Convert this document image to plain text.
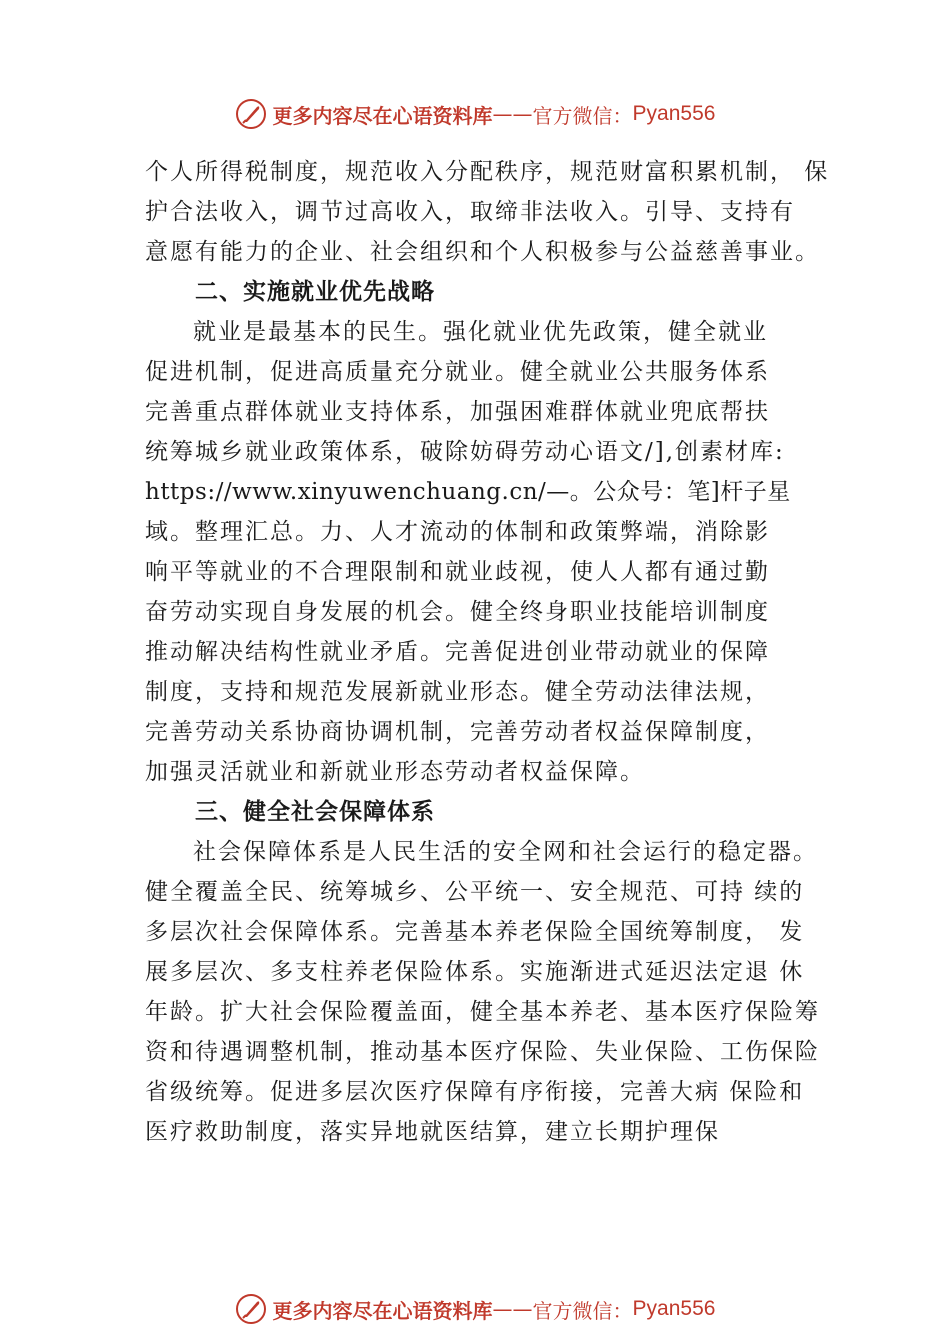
更多内容尽在心语资料库 —— 官方微信： Pyan556
个人所得税制度，规范收入分配秩序，规范财富积累机制， 保
护合法收入，调节过高收入，取缔非法收入。引导、支持有
意愿有能力的企业、社会组织和个人积极参与公益慈善事业。
二、实施就业优先战略
就业是最基本的民生。强化就业优先政策，健全就业
促进机制，促进高质量充分就业。健全就业公共服务体系
完善重点群体就业支持体系，加强困难群体就业兜底帮扶
统筹城乡就业政策体系，破除妨碍劳动心语文/],创素材库:
https://www.xinyuwenchuang.cn/—。公众号：笔]杆子星
域。整理汇总。力、人才流动的体制和政策弊端，消除影
响平等就业的不合理限制和就业歧视，使人人都有通过勤
奋劳动实现自身发展的机会。健全终身职业技能培训制度
推动解决结构性就业矛盾。完善促进创业带动就业的保障
制度，支持和规范发展新就业形态。健全劳动法律法规，
完善劳动关系协商协调机制，完善劳动者权益保障制度，
加强灵活就业和新就业形态劳动者权益保障。
三、健全社会保障体系
社会保障体系是人民生活的安全网和社会运行的稳定器。
健全覆盖全民、统筹城乡、公平统一、安全规范、可持 续的
多层次社会保障体系。完善基本养老保险全国统筹制度， 发
展多层次、多支柱养老保险体系。实施渐进式延迟法定退 休
年龄。扩大社会保险覆盖面，健全基本养老、基本医疗保险筹
资和待遇调整机制，推动基本医疗保险、失业保险、工伤保险
省级统筹。促进多层次医疗保障有序衔接，完善大病 保险和
医疗救助制度，落实异地就医结算，建立长期护理保
更多内容尽在心语资料库 —— 官方微信： Pyan556
